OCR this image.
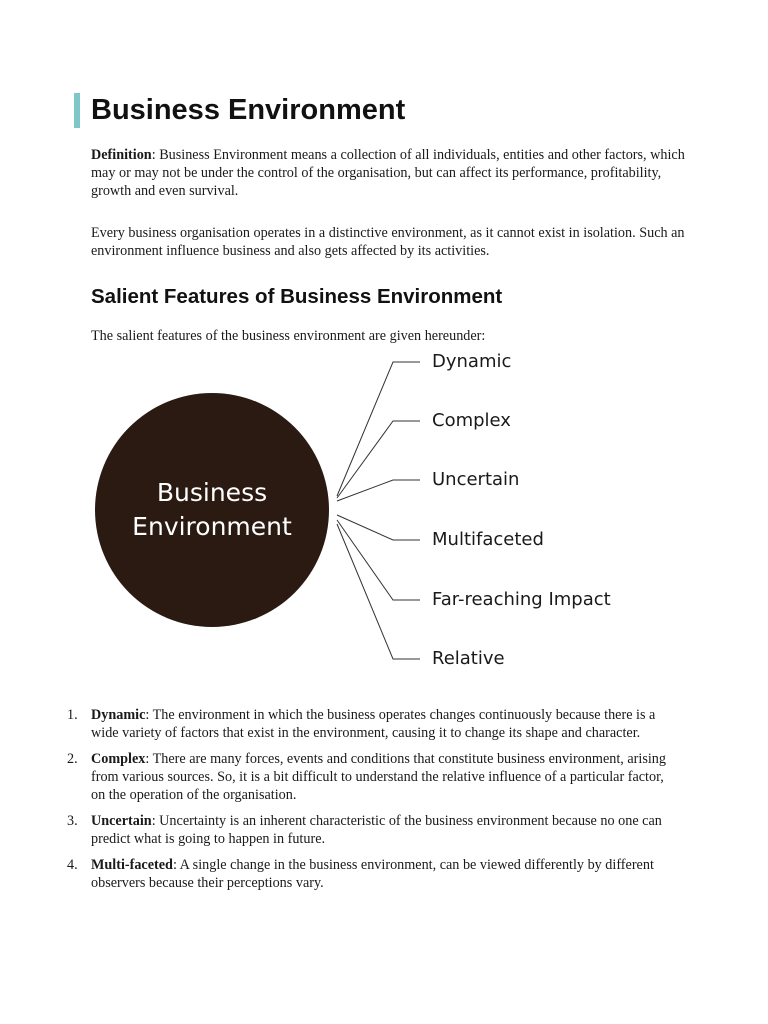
Business Environment

Definition: Business Environment means a collection of all individuals, entities and other factors, which may or may not be under the control of the organisation, but can affect its performance, profitability, growth and even survival.

Every business organisation operates in a distinctive environment, as it cannot exist in isolation. Such an environment influence business and also gets affected by its activities.

Salient Features of Business Environment

The salient features of the business environment are given hereunder:

Business
Environment
Dynamic
Complex
Uncertain
Multifaceted
Far-reaching Impact
Relative
1. Dynamic: The environment in which the business operates changes continuously because there is a wide variety of factors that exist in the environment, causing it to change its shape and character.
2. Complex: There are many forces, events and conditions that constitute business environment, arising from various sources. So, it is a bit difficult to understand the relative influence of a particular factor, on the operation of the organisation.
3. Uncertain: Uncertainty is an inherent characteristic of the business environment because no one can predict what is going to happen in future.
4. Multi-faceted: A single change in the business environment, can be viewed differently by different observers because their perceptions vary.
